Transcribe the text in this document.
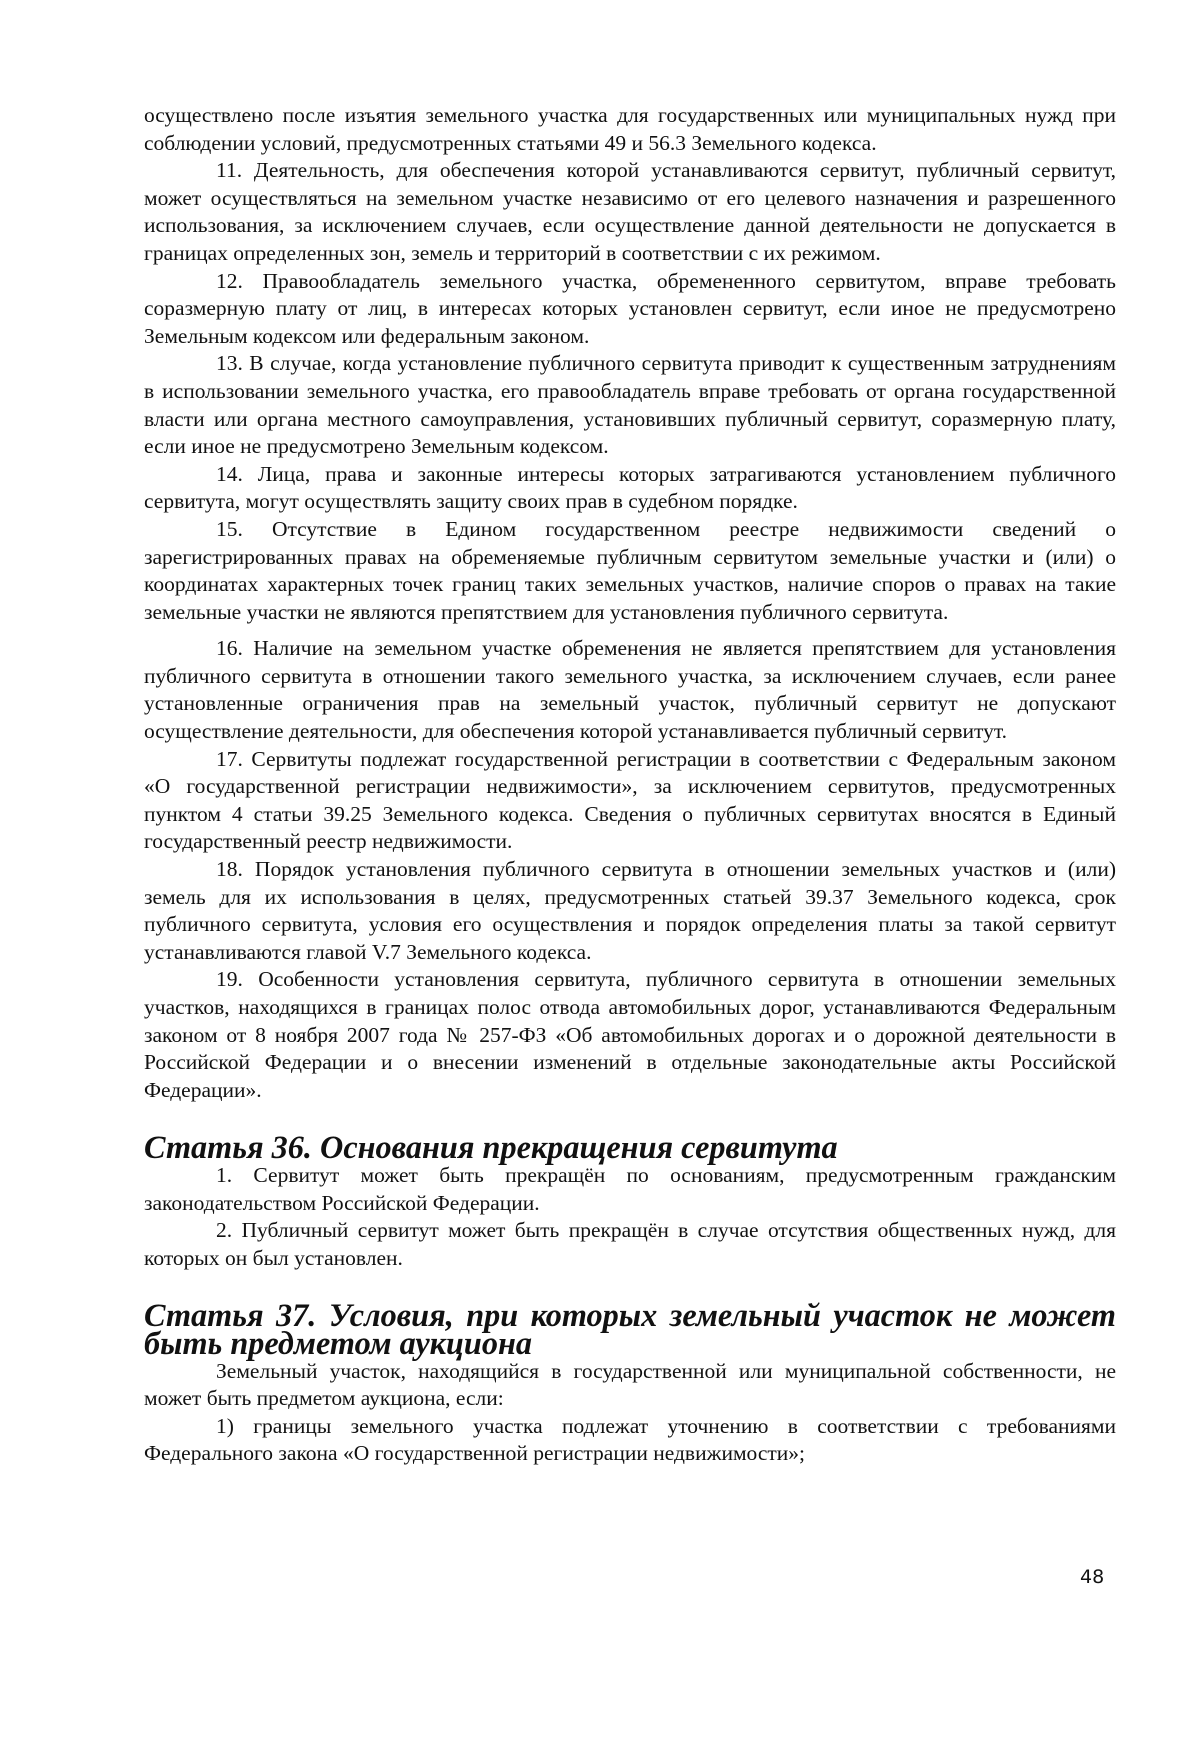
осуществлено после изъятия земельного участка для государственных или муниципальных нужд при соблюдении условий, предусмотренных статьями 49 и 56.3 Земельного кодекса.

11. Деятельность, для обеспечения которой устанавливаются сервитут, публичный сервитут, может осуществляться на земельном участке независимо от его целевого назначения и разрешенного использования, за исключением случаев, если осуществление данной деятельности не допускается в границах определенных зон, земель и территорий в соответствии с их режимом.

12. Правообладатель земельного участка, обремененного сервитутом, вправе требовать соразмерную плату от лиц, в интересах которых установлен сервитут, если иное не предусмотрено Земельным кодексом или федеральным законом.

13. В случае, когда установление публичного сервитута приводит к существенным затруднениям в использовании земельного участка, его правообладатель вправе требовать от органа государственной власти или органа местного самоуправления, установивших публичный сервитут, соразмерную плату, если иное не предусмотрено Земельным кодексом.

14. Лица, права и законные интересы которых затрагиваются установлением публичного сервитута, могут осуществлять защиту своих прав в судебном порядке.

15. Отсутствие в Едином государственном реестре недвижимости сведений о зарегистрированных правах на обременяемые публичным сервитутом земельные участки и (или) о координатах характерных точек границ таких земельных участков, наличие споров о правах на такие земельные участки не являются препятствием для установления публичного сервитута.

16. Наличие на земельном участке обременения не является препятствием для установления публичного сервитута в отношении такого земельного участка, за исключением случаев, если ранее установленные ограничения прав на земельный участок, публичный сервитут не допускают осуществление деятельности, для обеспечения которой устанавливается публичный сервитут.

17. Сервитуты подлежат государственной регистрации в соответствии с Федеральным законом «О государственной регистрации недвижимости», за исключением сервитутов, предусмотренных пунктом 4 статьи 39.25 Земельного кодекса. Сведения о публичных сервитутах вносятся в Единый государственный реестр недвижимости.

18. Порядок установления публичного сервитута в отношении земельных участков и (или) земель для их использования в целях, предусмотренных статьей 39.37 Земельного кодекса, срок публичного сервитута, условия его осуществления и порядок определения платы за такой сервитут устанавливаются главой V.7 Земельного кодекса.

19. Особенности установления сервитута, публичного сервитута в отношении земельных участков, находящихся в границах полос отвода автомобильных дорог, устанавливаются Федеральным законом от 8 ноября 2007 года № 257-ФЗ «Об автомобильных дорогах и о дорожной деятельности в Российской Федерации и о внесении изменений в отдельные законодательные акты Российской Федерации».

Статья 36. Основания прекращения сервитута

1. Сервитут может быть прекращён по основаниям, предусмотренным гражданским законодательством Российской Федерации.

2. Публичный сервитут может быть прекращён в случае отсутствия общественных нужд, для которых он был установлен.

Статья 37. Условия, при которых земельный участок не может быть предметом аукциона

Земельный участок, находящийся в государственной или муниципальной собственности, не может быть предметом аукциона, если:

1) границы земельного участка подлежат уточнению в соответствии с требованиями Федерального закона «О государственной регистрации недвижимости»;

48
